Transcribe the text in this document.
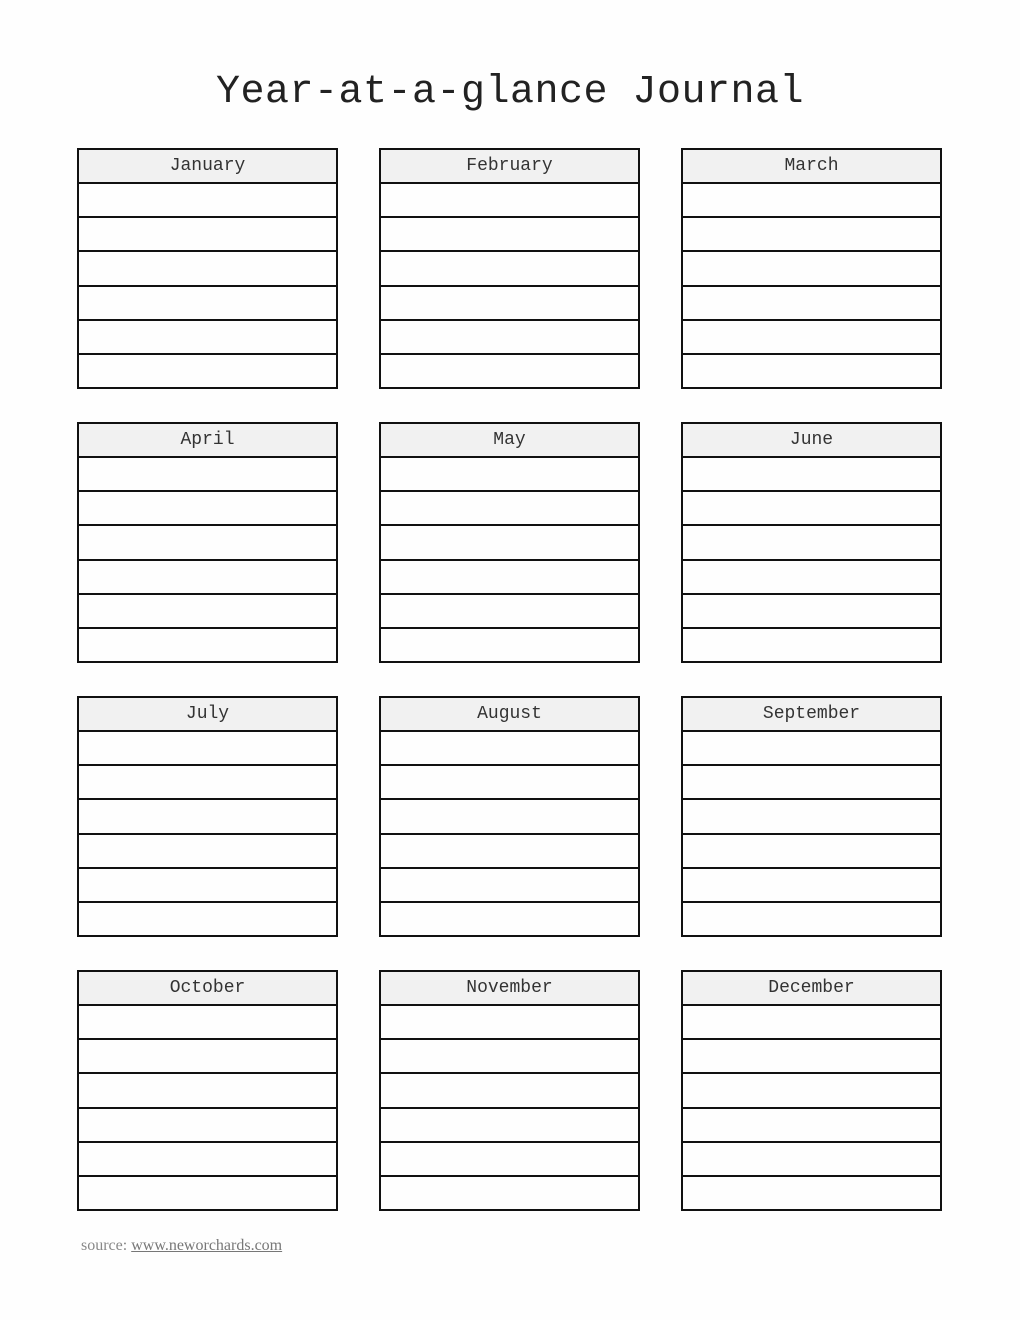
Year-at-a-glance Journal
January	February	March
April	May	June
July	August	September
October	November	December
source: www.neworchards.com
